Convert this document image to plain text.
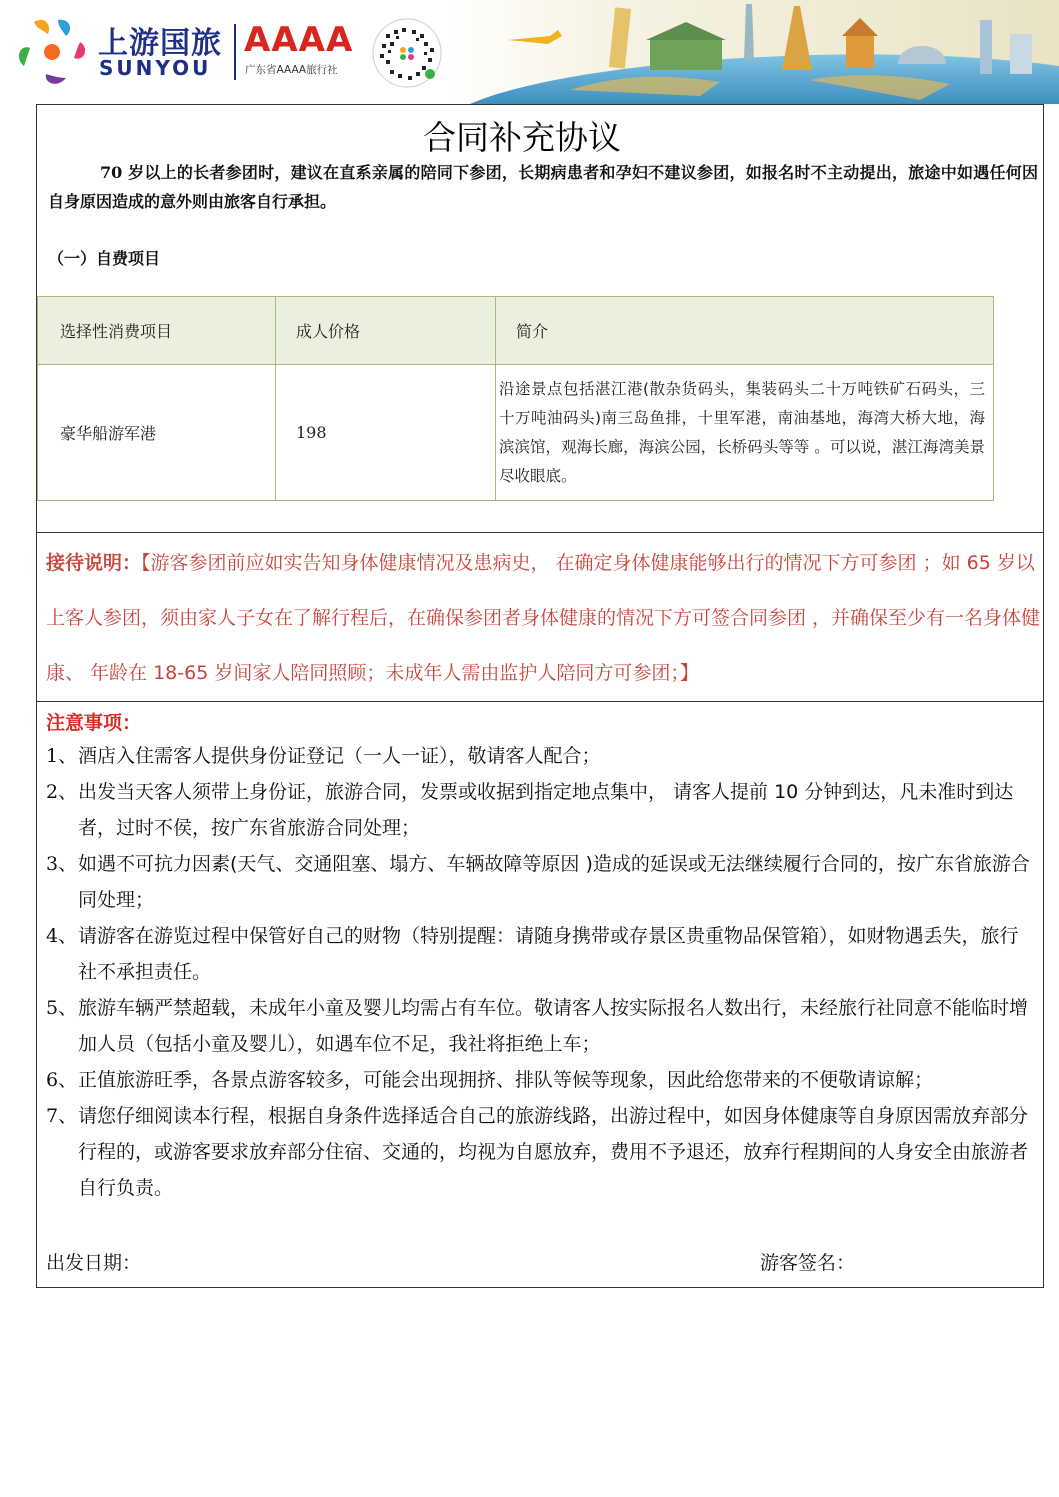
上游国旅
SUNYOU
AAAA
广东省AAAA旅行社
合同补充协议
70 岁以上的长者参团时，建议在直系亲属的陪同下参团，长期病患者和孕妇不建议参团，如报名时不主动提出，旅途中如遇任何因自身原因造成的意外则由旅客自行承担。
（一）自费项目
选择性消费项目	成人价格	简介
豪华船游军港	198	沿途景点包括湛江港(散杂货码头，集装码头二十万吨铁矿石码头，三十万吨油码头)南三岛鱼排，十里军港，南油基地，海湾大桥大地，海滨滨馆，观海长廊，海滨公园，长桥码头等等 。可以说，湛江海湾美景尽收眼底。
接待说明：【游客参团前应如实告知身体健康情况及患病史， 在确定身体健康能够出行的情况下方可参团 ；如 65 岁以上客人参团，须由家人子女在了解行程后，在确保参团者身体健康的情况下方可签合同参团 ，并确保至少有一名身体健康、 年龄在 18-65 岁间家人陪同照顾；未成年人需由监护人陪同方可参团；】
注意事项：
1、 酒店入住需客人提供身份证登记（一人一证），敬请客人配合；
2、 出发当天客人须带上身份证，旅游合同，发票或收据到指定地点集中， 请客人提前 10 分钟到达，凡未准时到达者，过时不侯，按广东省旅游合同处理；
3、 如遇不可抗力因素(天气、交通阻塞、塌方、车辆故障等原因 )造成的延误或无法继续履行合同的，按广东省旅游合同处理；
4、 请游客在游览过程中保管好自己的财物（特别提醒：请随身携带或存景区贵重物品保管箱），如财物遇丢失，旅行社不承担责任。
5、 旅游车辆严禁超载，未成年小童及婴儿均需占有车位。敬请客人按实际报名人数出行，未经旅行社同意不能临时增加人员（包括小童及婴儿），如遇车位不足，我社将拒绝上车；
6、 正值旅游旺季，各景点游客较多，可能会出现拥挤、排队等候等现象，因此给您带来的不便敬请谅解；
7、 请您仔细阅读本行程，根据自身条件选择适合自己的旅游线路，出游过程中，如因身体健康等自身原因需放弃部分行程的，或游客要求放弃部分住宿、交通的，均视为自愿放弃，费用不予退还，放弃行程期间的人身安全由旅游者自行负责。
出发日期：	游客签名：
